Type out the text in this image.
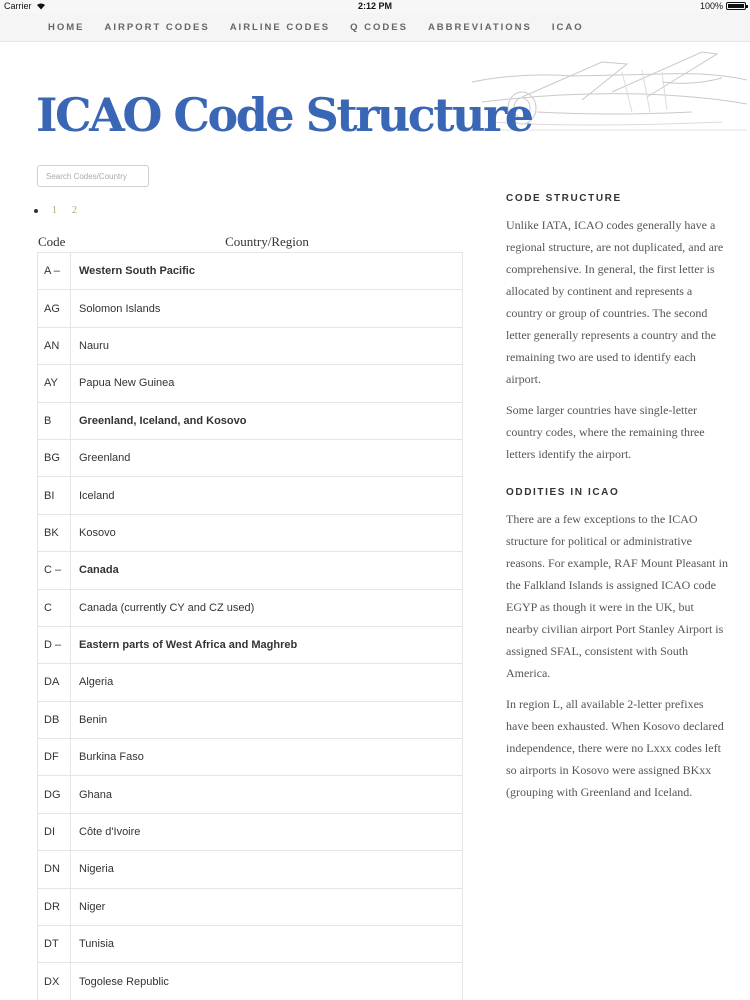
Carrier	2:12 PM	100%
HOME AIRPORT CODES AIRLINE CODES Q CODES ABBREVIATIONS ICAO
ICAO Code Structure
Search Codes/Country
1 2
Code	Country/Region
A –	Western South Pacific
AG	Solomon Islands
AN	Nauru
AY	Papua New Guinea
B	Greenland, Iceland, and Kosovo
BG	Greenland
BI	Iceland
BK	Kosovo
C –	Canada
C	Canada (currently CY and CZ used)
D –	Eastern parts of West Africa and Maghreb
DA	Algeria
DB	Benin
DF	Burkina Faso
DG	Ghana
DI	Côte d'Ivoire
DN	Nigeria
DR	Niger
DT	Tunisia
DX	Togolese Republic
CODE STRUCTURE

Unlike IATA, ICAO codes generally have a regional structure, are not duplicated, and are comprehensive. In general, the first letter is allocated by continent and represents a country or group of countries. The second letter generally represents a country and the remaining two are used to identify each airport.

Some larger countries have single-letter country codes, where the remaining three letters identify the airport.

ODDITIES IN ICAO

There are a few exceptions to the ICAO structure for political or administrative reasons. For example, RAF Mount Pleasant in the Falkland Islands is assigned ICAO code EGYP as though it were in the UK, but nearby civilian airport Port Stanley Airport is assigned SFAL, consistent with South America.

In region L, all available 2-letter prefixes have been exhausted. When Kosovo declared independence, there were no Lxxx codes left so airports in Kosovo were assigned BKxx (grouping with Greenland and Iceland.
